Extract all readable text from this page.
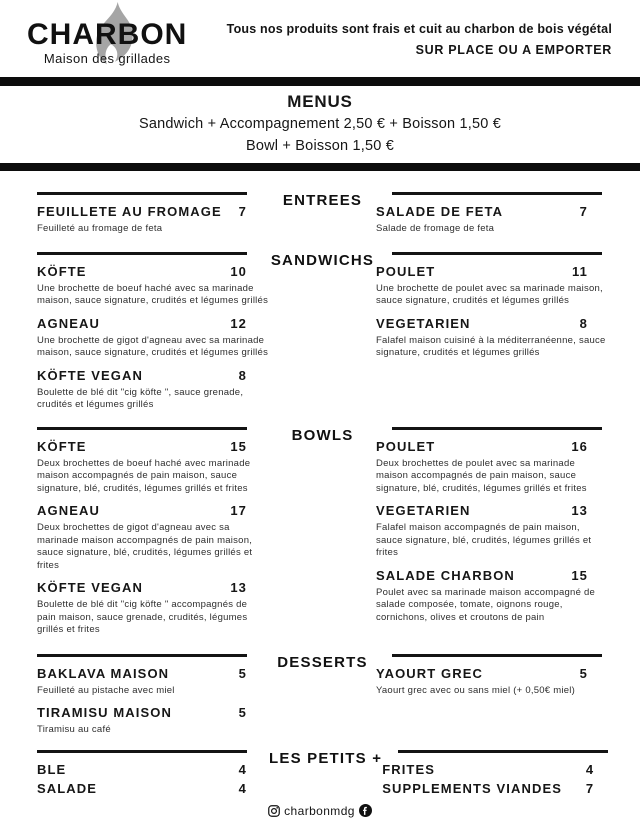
CHARBON
Maison des grillades
Tous nos produits sont frais et cuit au charbon de bois végétal
SUR PLACE OU A EMPORTER
MENUS
Sandwich + Accompagnement 2,50 € + Boisson 1,50 €
Bowl + Boisson 1,50 €
FEUILLETE AU FROMAGE 7

Feuilleté au fromage de feta

ENTREES
SALADE DE FETA	7

Salade de fromage de feta

KÖFTE	10

Une brochette de boeuf haché avec sa marinade maison, sauce signature, crudités et légumes grillés

AGNEAU	12

Une brochette de gigot d'agneau avec sa marinade maison, sauce signature, crudités et légumes grillés

KÖFTE VEGAN	8

Boulette de blé dit "cig köfte ", sauce grenade, crudités et légumes grillés

SANDWICHS
POULET	11

Une brochette de poulet avec sa marinade maison, sauce signature, crudités et légumes grillés

VEGETARIEN	8

Falafel maison cuisiné à la méditerranéenne, sauce signature, crudités et légumes grillés

KÖFTE	15

Deux brochettes de boeuf haché avec marinade maison accompagnés de pain maison, sauce signature, blé, crudités, légumes grillés et frites

AGNEAU	17

Deux brochettes de gigot d'agneau avec sa marinade maison accompagnés de pain maison, sauce signature, blé, crudités, légumes grillés et frites

KÖFTE VEGAN	13

Boulette de blé dit "cig köfte " accompagnés de pain maison, sauce grenade, crudités, légumes grillés et frites

BOWLS
POULET	16

Deux brochettes de poulet avec sa marinade maison accompagnés de pain maison, sauce signature, blé, crudités, légumes grillés et frites

VEGETARIEN	13

Falafel maison accompagnés de pain maison, sauce signature, blé, crudités, légumes grillés et frites

SALADE CHARBON	15

Poulet avec sa marinade maison accompagné de salade composée, tomate, oignons rouge, cornichons, olives et croutons de pain

BAKLAVA MAISON	5

Feuilleté au pistache avec miel

TIRAMISU MAISON	5

Tiramisu au café

DESSERTS
YAOURT GREC	5

Yaourt grec avec ou sans miel (+ 0,50€ miel)

BLE	4
SALADE	4
LES PETITS +
FRITES	4
SUPPLEMENTS VIANDES 7
charbonmdg
